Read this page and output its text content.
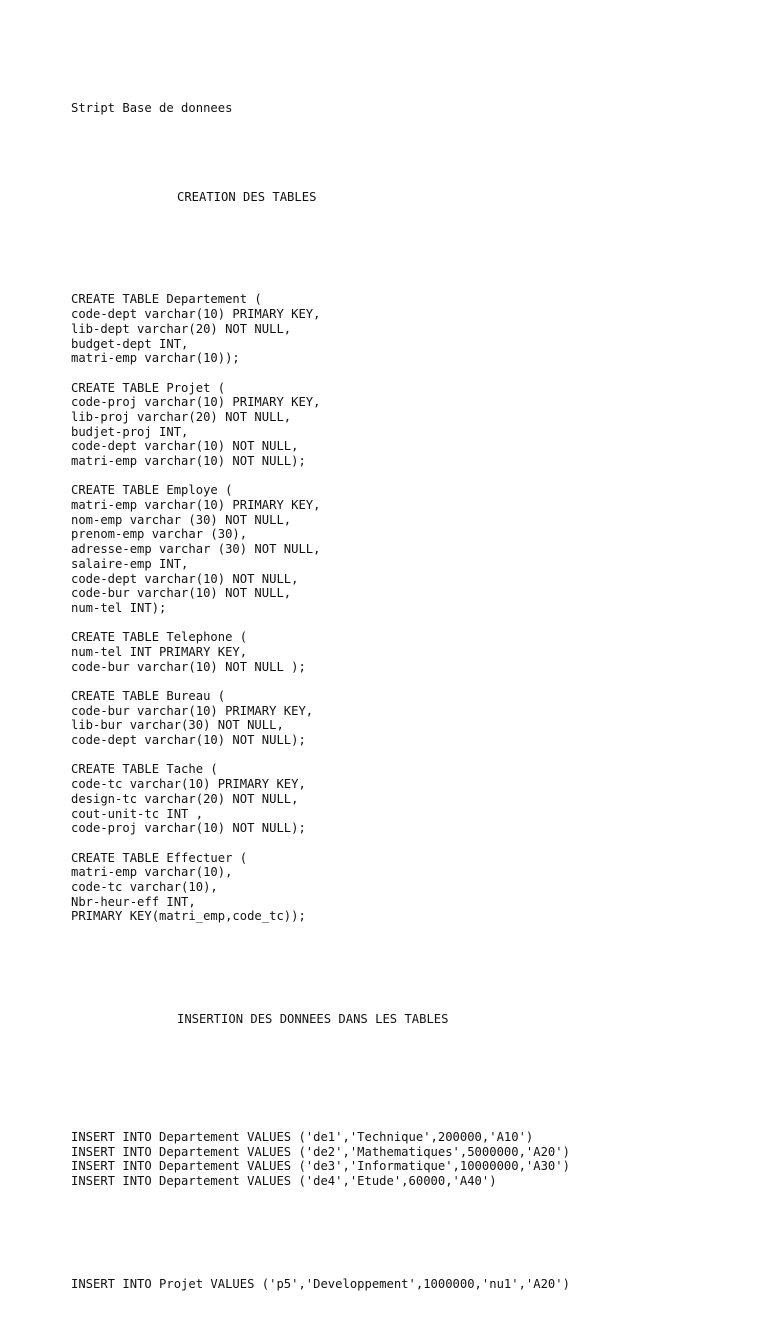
Stript Base de donnees

CREATION DES TABLES

CREATE TABLE Departement (
code-dept varchar(10) PRIMARY KEY,
lib-dept varchar(20) NOT NULL,
budget-dept INT,
matri-emp varchar(10));
CREATE TABLE Projet (
code-proj varchar(10) PRIMARY KEY,
lib-proj varchar(20) NOT NULL,
budjet-proj INT,
code-dept varchar(10) NOT NULL,
matri-emp varchar(10) NOT NULL);
CREATE TABLE Employe (
matri-emp varchar(10) PRIMARY KEY,
nom-emp varchar (30) NOT NULL,
prenom-emp varchar (30),
adresse-emp varchar (30) NOT NULL,
salaire-emp INT,
code-dept varchar(10) NOT NULL,
code-bur varchar(10) NOT NULL,
num-tel INT);
CREATE TABLE Telephone (
num-tel INT PRIMARY KEY,
code-bur varchar(10) NOT NULL );
CREATE TABLE Bureau (
code-bur varchar(10) PRIMARY KEY,
lib-bur varchar(30) NOT NULL,
code-dept varchar(10) NOT NULL);
CREATE TABLE Tache (
code-tc varchar(10) PRIMARY KEY,
design-tc varchar(20) NOT NULL,
cout-unit-tc INT ,
code-proj varchar(10) NOT NULL);
CREATE TABLE Effectuer (
matri-emp varchar(10),
code-tc varchar(10),
Nbr-heur-eff INT,
PRIMARY KEY(matri_emp,code_tc));

INSERTION DES DONNEES DANS LES TABLES

INSERT INTO Departement VALUES ('de1','Technique',200000,'A10')
INSERT INTO Departement VALUES ('de2','Mathematiques',5000000,'A20')
INSERT INTO Departement VALUES ('de3','Informatique',10000000,'A30')
INSERT INTO Departement VALUES ('de4','Etude',60000,'A40')

INSERT INTO Projet VALUES ('p5','Developpement',1000000,'nu1','A20')
